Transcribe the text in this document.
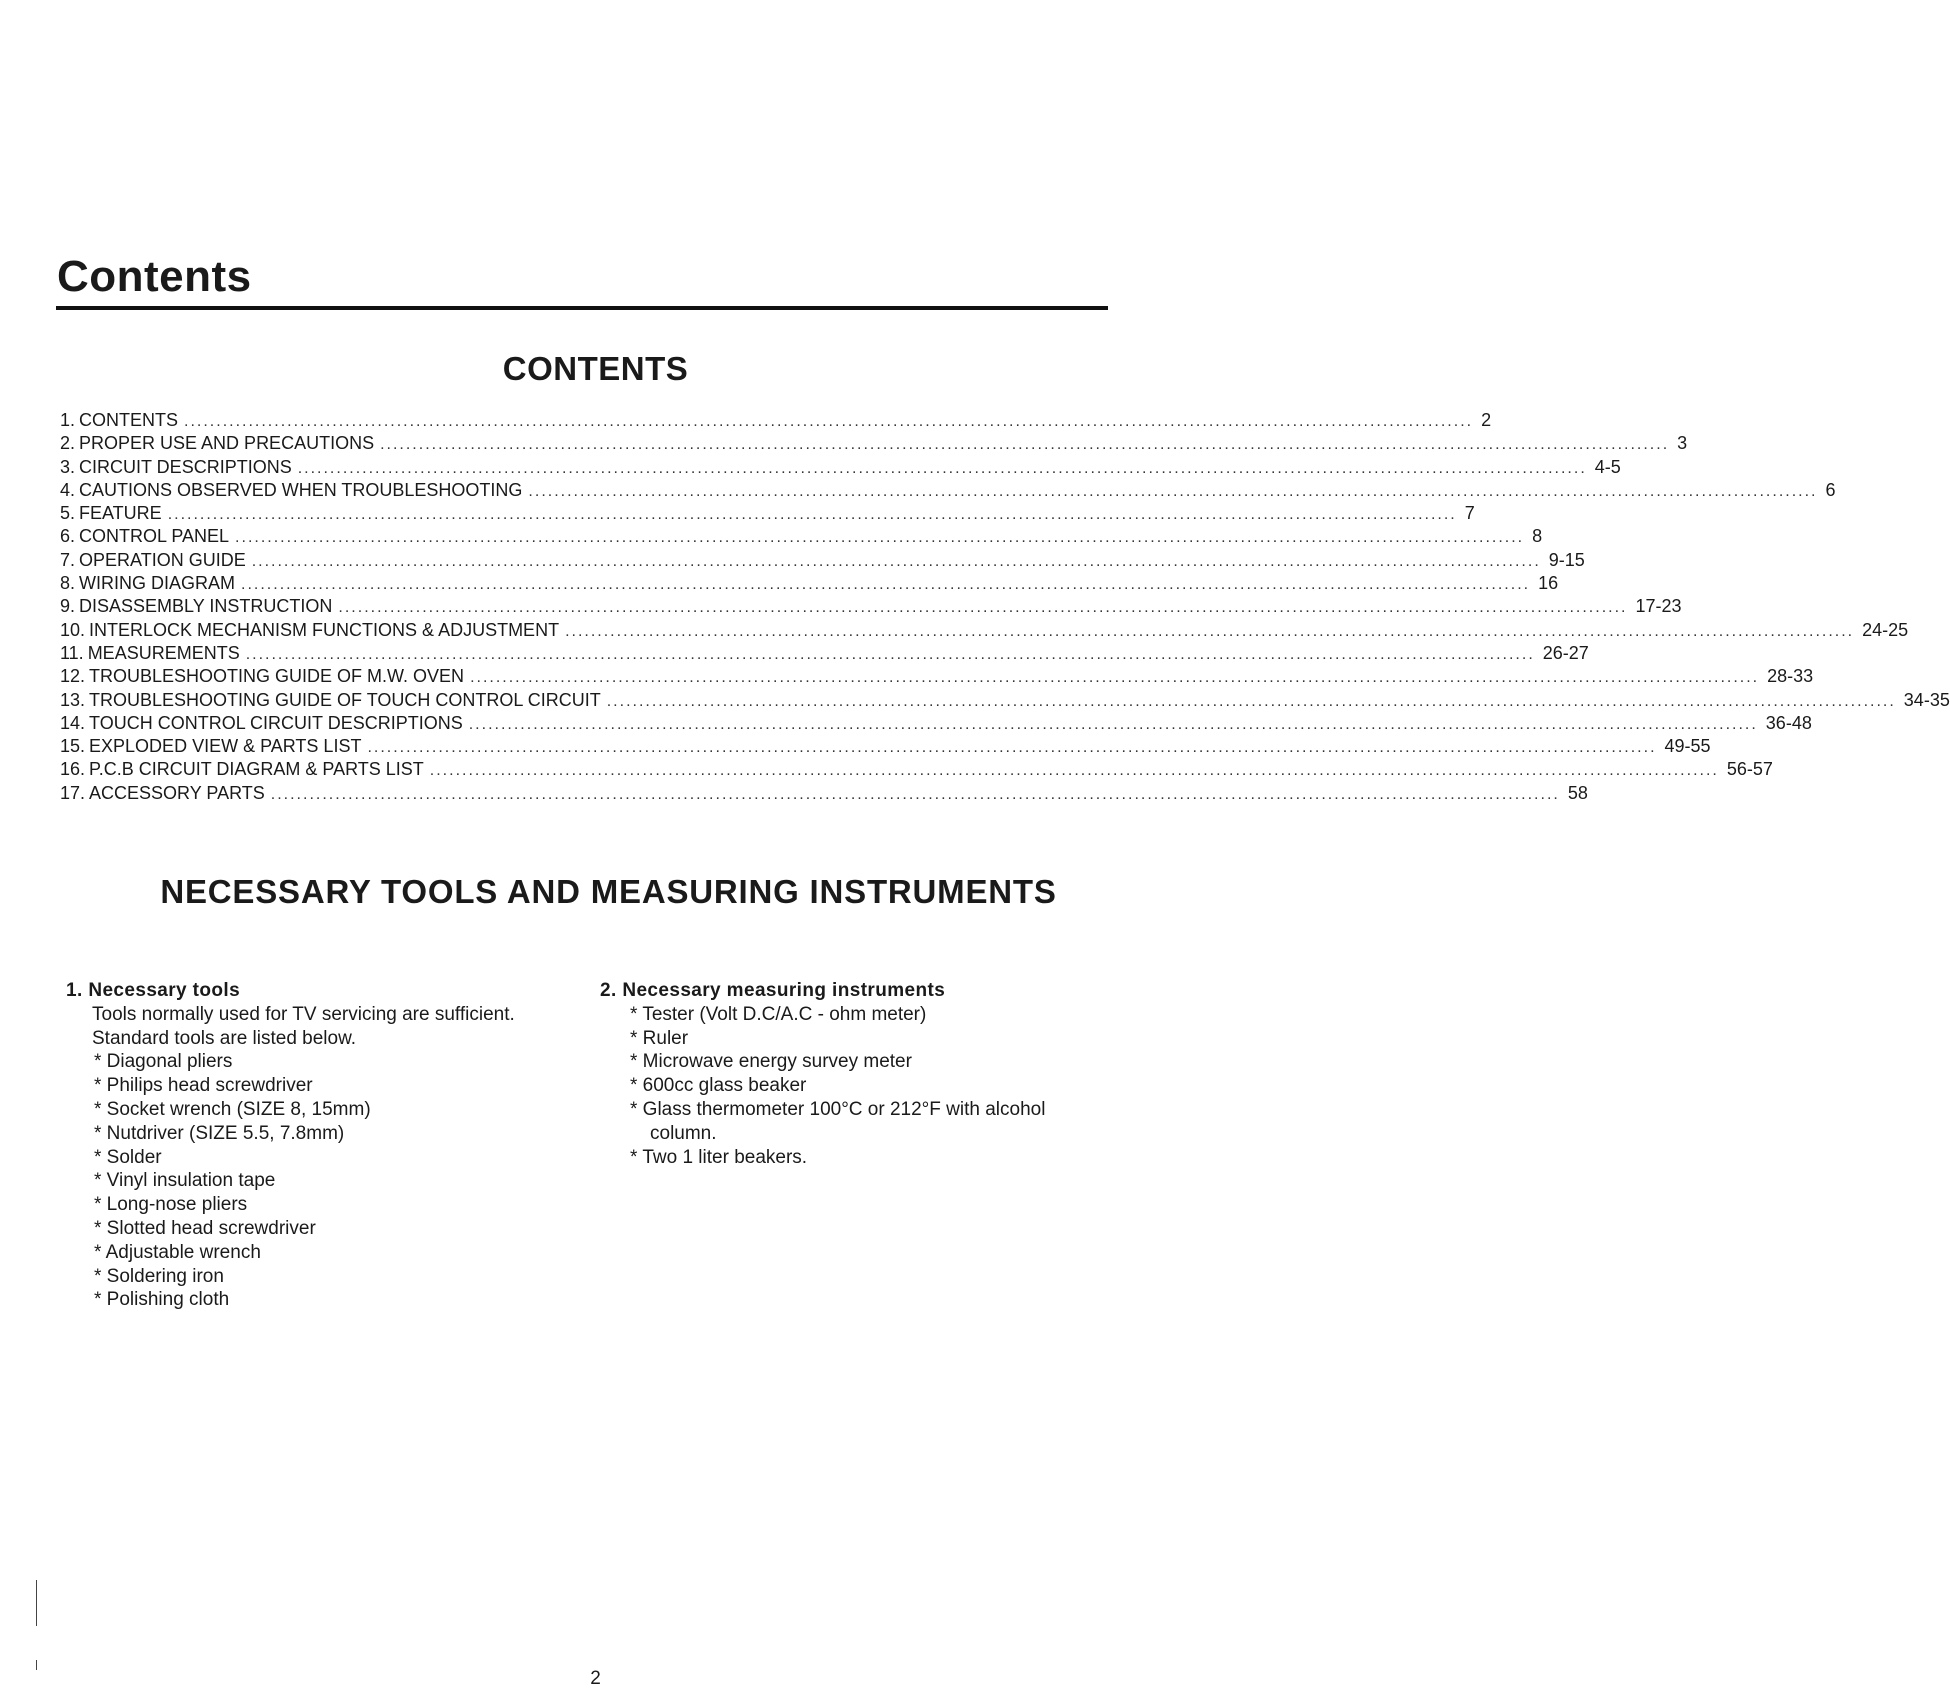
Contents
CONTENTS
1. CONTENTS ........................................................................................................................................................................................................ 2
2. PROPER USE AND PRECAUTIONS ........................................................................................................................................................................................................ 3
3. CIRCUIT DESCRIPTIONS ........................................................................................................................................................................................................ 4-5
4. CAUTIONS OBSERVED WHEN TROUBLESHOOTING ........................................................................................................................................................................................................ 6
5. FEATURE ........................................................................................................................................................................................................ 7
6. CONTROL PANEL ........................................................................................................................................................................................................ 8
7. OPERATION GUIDE ........................................................................................................................................................................................................ 9-15
8. WIRING DIAGRAM ........................................................................................................................................................................................................ 16
9. DISASSEMBLY INSTRUCTION ........................................................................................................................................................................................................ 17-23
10. INTERLOCK MECHANISM FUNCTIONS & ADJUSTMENT ........................................................................................................................................................................................................ 24-25
11. MEASUREMENTS ........................................................................................................................................................................................................ 26-27
12. TROUBLESHOOTING GUIDE OF M.W. OVEN ........................................................................................................................................................................................................ 28-33
13. TROUBLESHOOTING GUIDE OF TOUCH CONTROL CIRCUIT ........................................................................................................................................................................................................ 34-35
14. TOUCH CONTROL CIRCUIT DESCRIPTIONS ........................................................................................................................................................................................................ 36-48
15. EXPLODED VIEW & PARTS LIST ........................................................................................................................................................................................................ 49-55
16. P.C.B CIRCUIT DIAGRAM & PARTS LIST ........................................................................................................................................................................................................ 56-57
17. ACCESSORY PARTS ........................................................................................................................................................................................................ 58
NECESSARY TOOLS AND MEASURING INSTRUMENTS
1. Necessary tools
Tools normally used for TV servicing are sufficient.
Standard tools are listed below.
* Diagonal pliers
* Philips head screwdriver
* Socket wrench (SIZE 8, 15mm)
* Nutdriver (SIZE 5.5, 7.8mm)
* Solder
* Vinyl insulation tape
* Long-nose pliers
* Slotted head screwdriver
* Adjustable wrench
* Soldering iron
* Polishing cloth
2. Necessary measuring instruments
* Tester (Volt D.C/A.C - ohm meter)
* Ruler
* Microwave energy survey meter
* 600cc glass beaker
* Glass thermometer 100°C or 212°F with alcohol
column.
* Two 1 liter beakers.
2
